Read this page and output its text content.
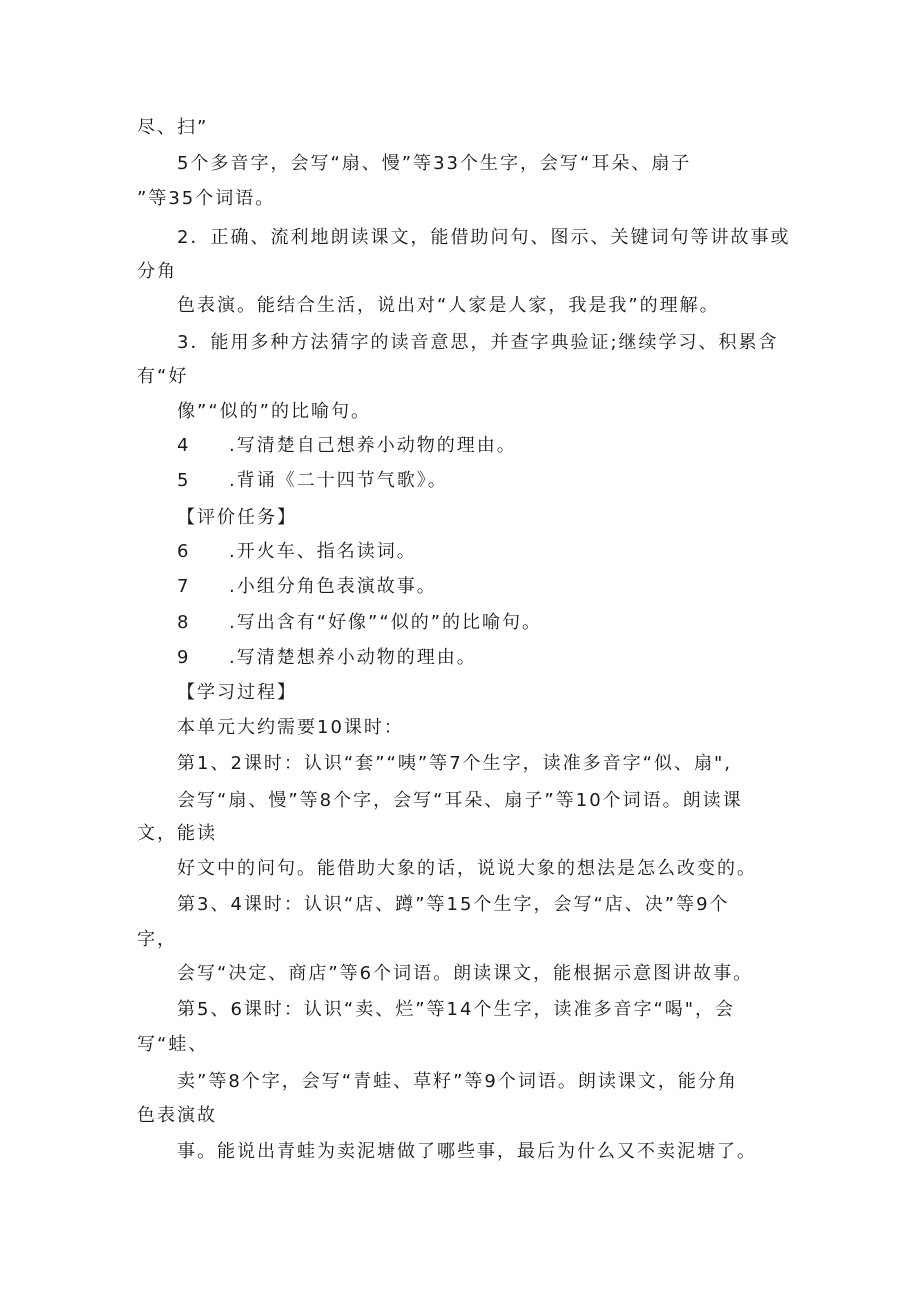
尽、扫”
5个多音字，会写“扇、慢”等33个生字，会写“耳朵、扇子
”等35个词语。
2．正确、流利地朗读课文，能借助问句、图示、关键词句等讲故事或
分角
色表演。能结合生活，说出对“人家是人家，我是我”的理解。
3．能用多种方法猜字的读音意思，并查字典验证;继续学习、积累含
有“好
像”“似的”的比喻句。
4 .写清楚自己想养小动物的理由。
5 .背诵《二十四节气歌》。
【评价任务】
6 .开火车、指名读词。
7 .小组分角色表演故事。
8 .写出含有“好像”“似的”的比喻句。
9 .写清楚想养小动物的理由。
【学习过程】
本单元大约需要10课时：
第1、2课时：认识“套”“咦”等7个生字，读准多音字“似、扇",
会写“扇、慢”等8个字，会写“耳朵、扇子”等10个词语。朗读课
文，能读
好文中的问句。能借助大象的话，说说大象的想法是怎么改变的。
第3、4课时：认识“店、蹲”等15个生字，会写“店、决”等9个
字，
会写“决定、商店”等6个词语。朗读课文，能根据示意图讲故事。
第5、6课时：认识“卖、烂”等14个生字，读准多音字“喝"，会
写“蛙、
卖”等8个字，会写“青蛙、草籽”等9个词语。朗读课文，能分角
色表演故
事。能说出青蛙为卖泥塘做了哪些事，最后为什么又不卖泥塘了。
